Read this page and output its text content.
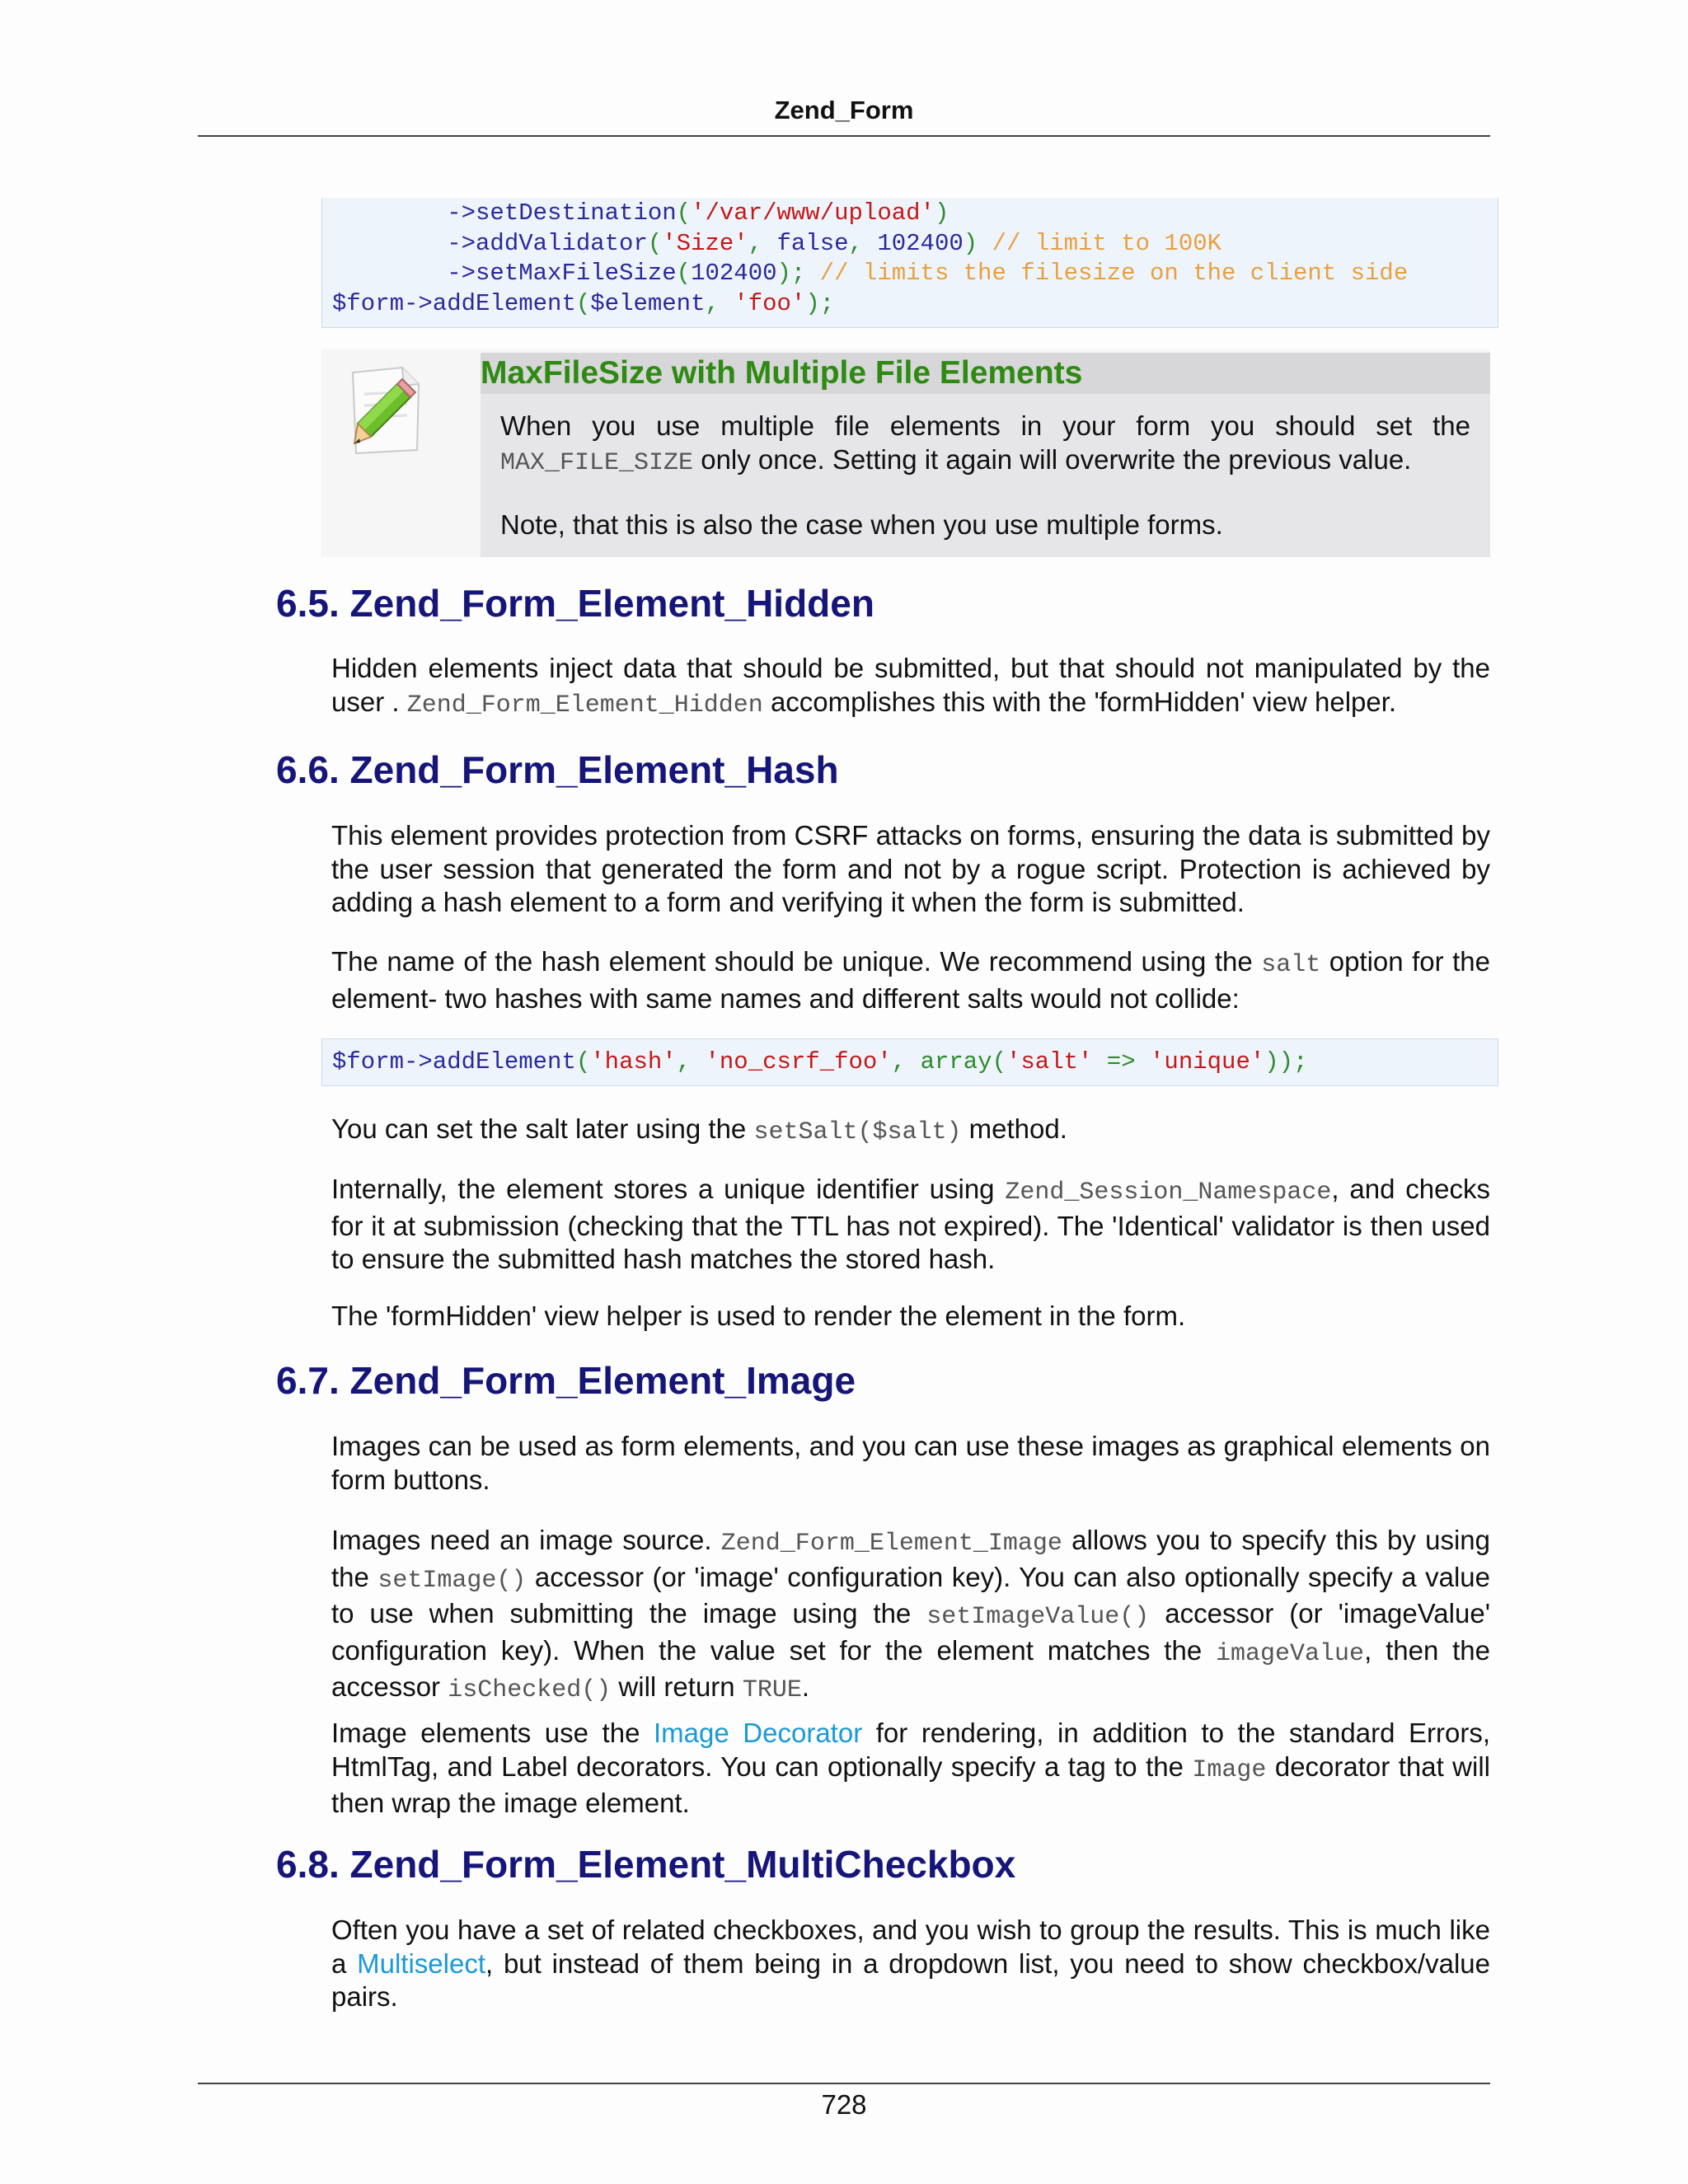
Zend_Form
->setDestination('/var/www/upload')
->addValidator('Size', false, 102400) // limit to 100K
->setMaxFileSize(102400); // limits the filesize on the client side
$form->addElement($element, 'foo');
MaxFileSize with Multiple File Elements

When you use multiple file elements in your form you should set the MAX_FILE_SIZE only once. Setting it again will overwrite the previous value.

Note, that this is also the case when you use multiple forms.

6.5. Zend_Form_Element_Hidden

Hidden elements inject data that should be submitted, but that should not manipulated by the user . Zend_Form_Element_Hidden accomplishes this with the 'formHidden' view helper.

6.6. Zend_Form_Element_Hash

This element provides protection from CSRF attacks on forms, ensuring the data is submitted by the user session that generated the form and not by a rogue script. Protection is achieved by adding a hash element to a form and verifying it when the form is submitted.

The name of the hash element should be unique. We recommend using the salt option for the element- two hashes with same names and different salts would not collide:

$form->addElement('hash', 'no_csrf_foo', array('salt' => 'unique'));

You can set the salt later using the setSalt($salt) method.

Internally, the element stores a unique identifier using Zend_Session_Namespace, and checks for it at submission (checking that the TTL has not expired). The 'Identical' validator is then used to ensure the submitted hash matches the stored hash.

The 'formHidden' view helper is used to render the element in the form.

6.7. Zend_Form_Element_Image

Images can be used as form elements, and you can use these images as graphical elements on form buttons.

Images need an image source. Zend_Form_Element_Image allows you to specify this by using the setImage() accessor (or 'image' configuration key). You can also optionally specify a value to use when submitting the image using the setImageValue() accessor (or 'imageValue' configuration key). When the value set for the element matches the imageValue, then the accessor isChecked() will return TRUE.

Image elements use the Image Decorator for rendering, in addition to the standard Errors, HtmlTag, and Label decorators. You can optionally specify a tag to the Image decorator that will then wrap the image element.

6.8. Zend_Form_Element_MultiCheckbox

Often you have a set of related checkboxes, and you wish to group the results. This is much like a Multiselect, but instead of them being in a dropdown list, you need to show checkbox/value pairs.

728
